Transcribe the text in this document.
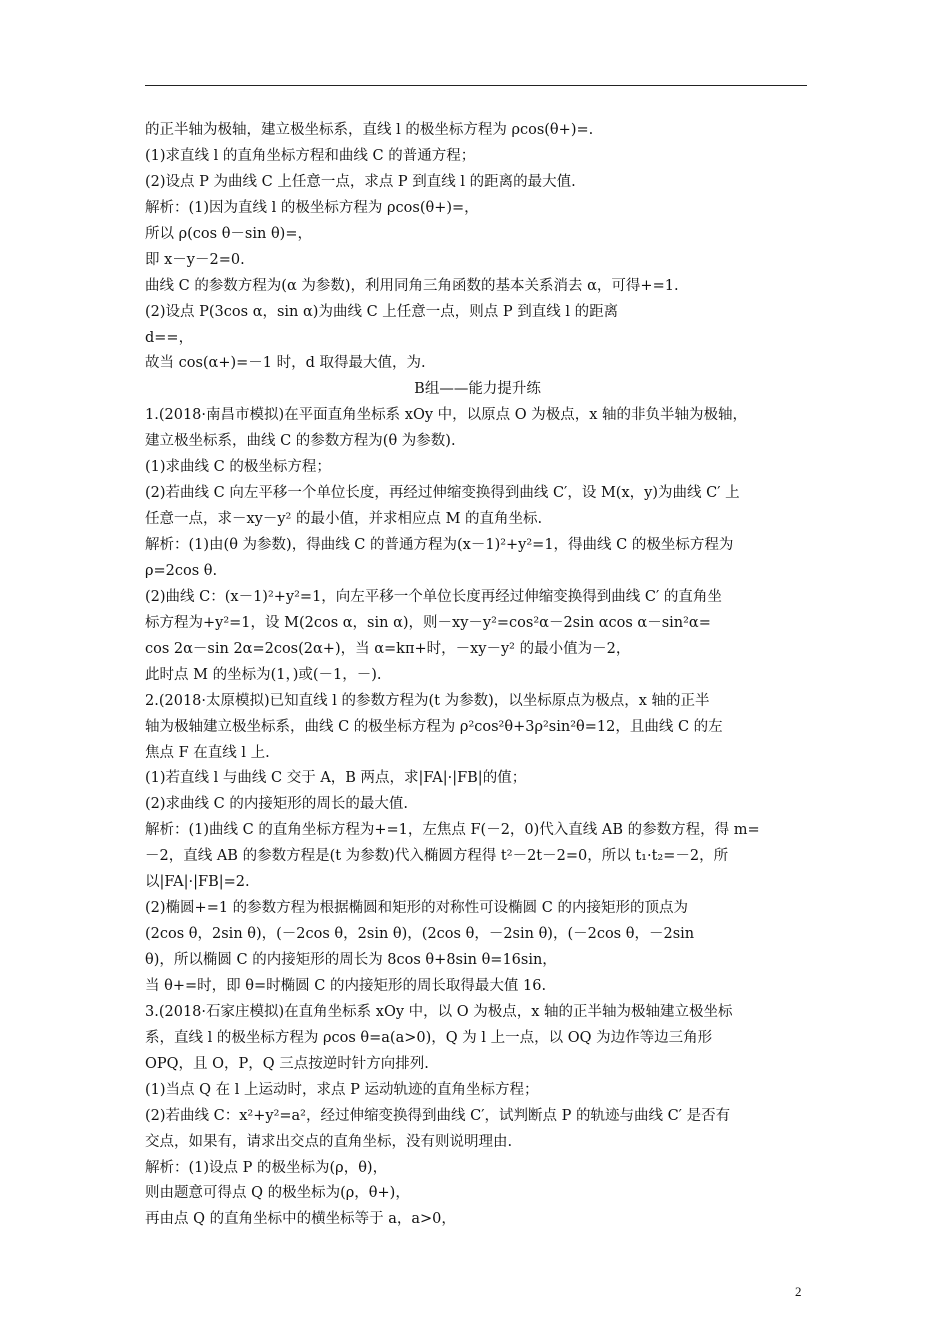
的正半轴为极轴，建立极坐标系，直线 l 的极坐标方程为 ρcos(θ+)=.
(1)求直线 l 的直角坐标方程和曲线 C 的普通方程；
(2)设点 P 为曲线 C 上任意一点，求点 P 到直线 l 的距离的最大值.
解析：(1)因为直线 l 的极坐标方程为 ρcos(θ+)=，
所以 ρ(cos θ－sin θ)=，
即 x－y－2=0.
曲线 C 的参数方程为(α 为参数)，利用同角三角函数的基本关系消去 α，可得+=1.
(2)设点 P(3cos α，sin α)为曲线 C 上任意一点，则点 P 到直线 l 的距离
d==，
故当 cos(α+)=－1 时，d 取得最大值，为.
B组——能力提升练
1.(2018·南昌市模拟)在平面直角坐标系 xOy 中，以原点 O 为极点，x 轴的非负半轴为极轴，
建立极坐标系，曲线 C 的参数方程为(θ 为参数).
(1)求曲线 C 的极坐标方程；
(2)若曲线 C 向左平移一个单位长度，再经过伸缩变换得到曲线 C′，设 M(x，y)为曲线 C′ 上
任意一点，求－xy－y² 的最小值，并求相应点 M 的直角坐标.
解析：(1)由(θ 为参数)，得曲线 C 的普通方程为(x－1)²+y²=1，得曲线 C 的极坐标方程为
ρ=2cos θ.
(2)曲线 C：(x－1)²+y²=1，向左平移一个单位长度再经过伸缩变换得到曲线 C′ 的直角坐
标方程为+y²=1，设 M(2cos α，sin α)，则－xy－y²=cos²α－2sin αcos α－sin²α=
cos 2α－sin 2α=2cos(2α+)，当 α=kπ+时，－xy－y² 的最小值为－2，
此时点 M 的坐标为(1，)或(－1，－).
2.(2018·太原模拟)已知直线 l 的参数方程为(t 为参数)，以坐标原点为极点，x 轴的正半
轴为极轴建立极坐标系，曲线 C 的极坐标方程为 ρ²cos²θ+3ρ²sin²θ=12，且曲线 C 的左
焦点 F 在直线 l 上.
(1)若直线 l 与曲线 C 交于 A，B 两点，求|FA|·|FB|的值；
(2)求曲线 C 的内接矩形的周长的最大值.
解析：(1)曲线 C 的直角坐标方程为+=1，左焦点 F(－2，0)代入直线 AB 的参数方程，得 m=
－2，直线 AB 的参数方程是(t 为参数)代入椭圆方程得 t²－2t－2=0，所以 t₁·t₂=－2，所
以|FA|·|FB|=2.
(2)椭圆+=1 的参数方程为根据椭圆和矩形的对称性可设椭圆 C 的内接矩形的顶点为
(2cos θ，2sin θ)，(－2cos θ，2sin θ)，(2cos θ，－2sin θ)，(－2cos θ，－2sin
θ)，所以椭圆 C 的内接矩形的周长为 8cos θ+8sin θ=16sin，
当 θ+=时，即 θ=时椭圆 C 的内接矩形的周长取得最大值 16.
3.(2018·石家庄模拟)在直角坐标系 xOy 中，以 O 为极点，x 轴的正半轴为极轴建立极坐标
系，直线 l 的极坐标方程为 ρcos θ=a(a>0)，Q 为 l 上一点，以 OQ 为边作等边三角形
OPQ，且 O，P，Q 三点按逆时针方向排列.
(1)当点 Q 在 l 上运动时，求点 P 运动轨迹的直角坐标方程；
(2)若曲线 C：x²+y²=a²，经过伸缩变换得到曲线 C′，试判断点 P 的轨迹与曲线 C′ 是否有
交点，如果有，请求出交点的直角坐标，没有则说明理由.
解析：(1)设点 P 的极坐标为(ρ，θ)，
则由题意可得点 Q 的极坐标为(ρ，θ+)，
再由点 Q 的直角坐标中的横坐标等于 a，a>0，
2
